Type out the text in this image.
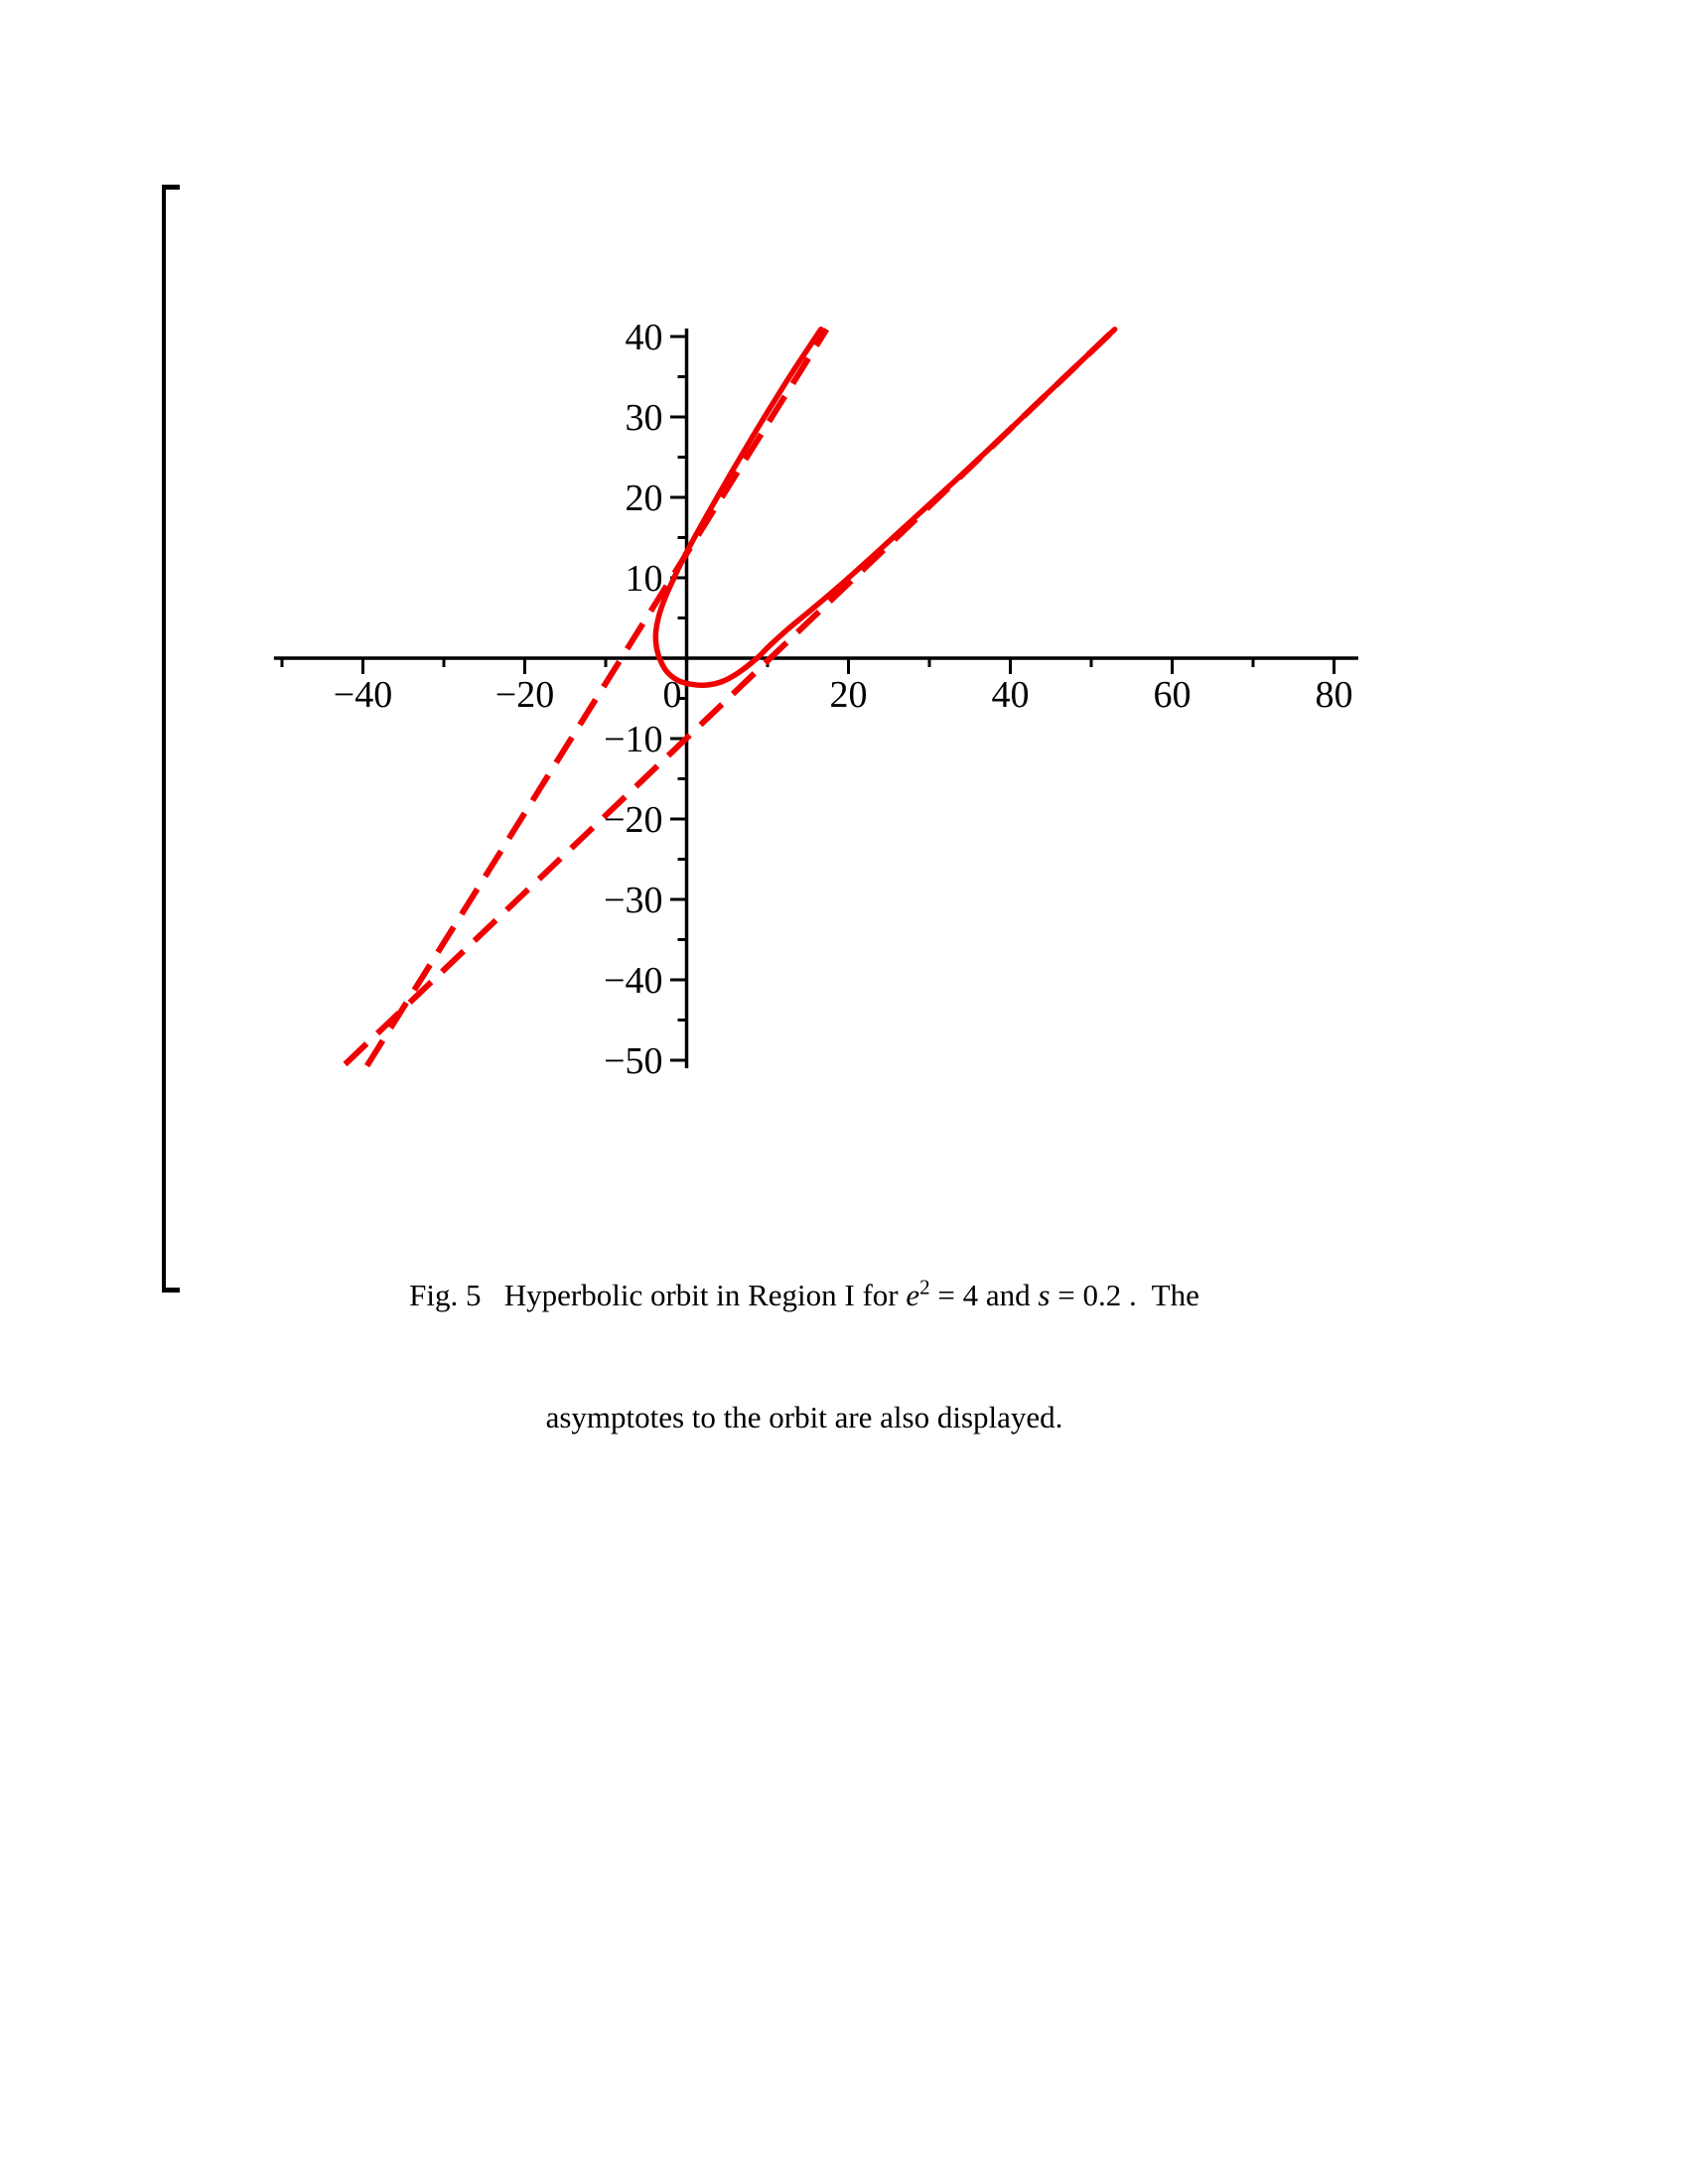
−40	−20	0	20	40	60	80
40
30
20
10
−10
−20
−30
−40
−50

Fig. 5 Hyperbolic orbit in Region I for $e^2 = 4$ and s = 0.2 .  The

asymptotes to the orbit are also displayed.
